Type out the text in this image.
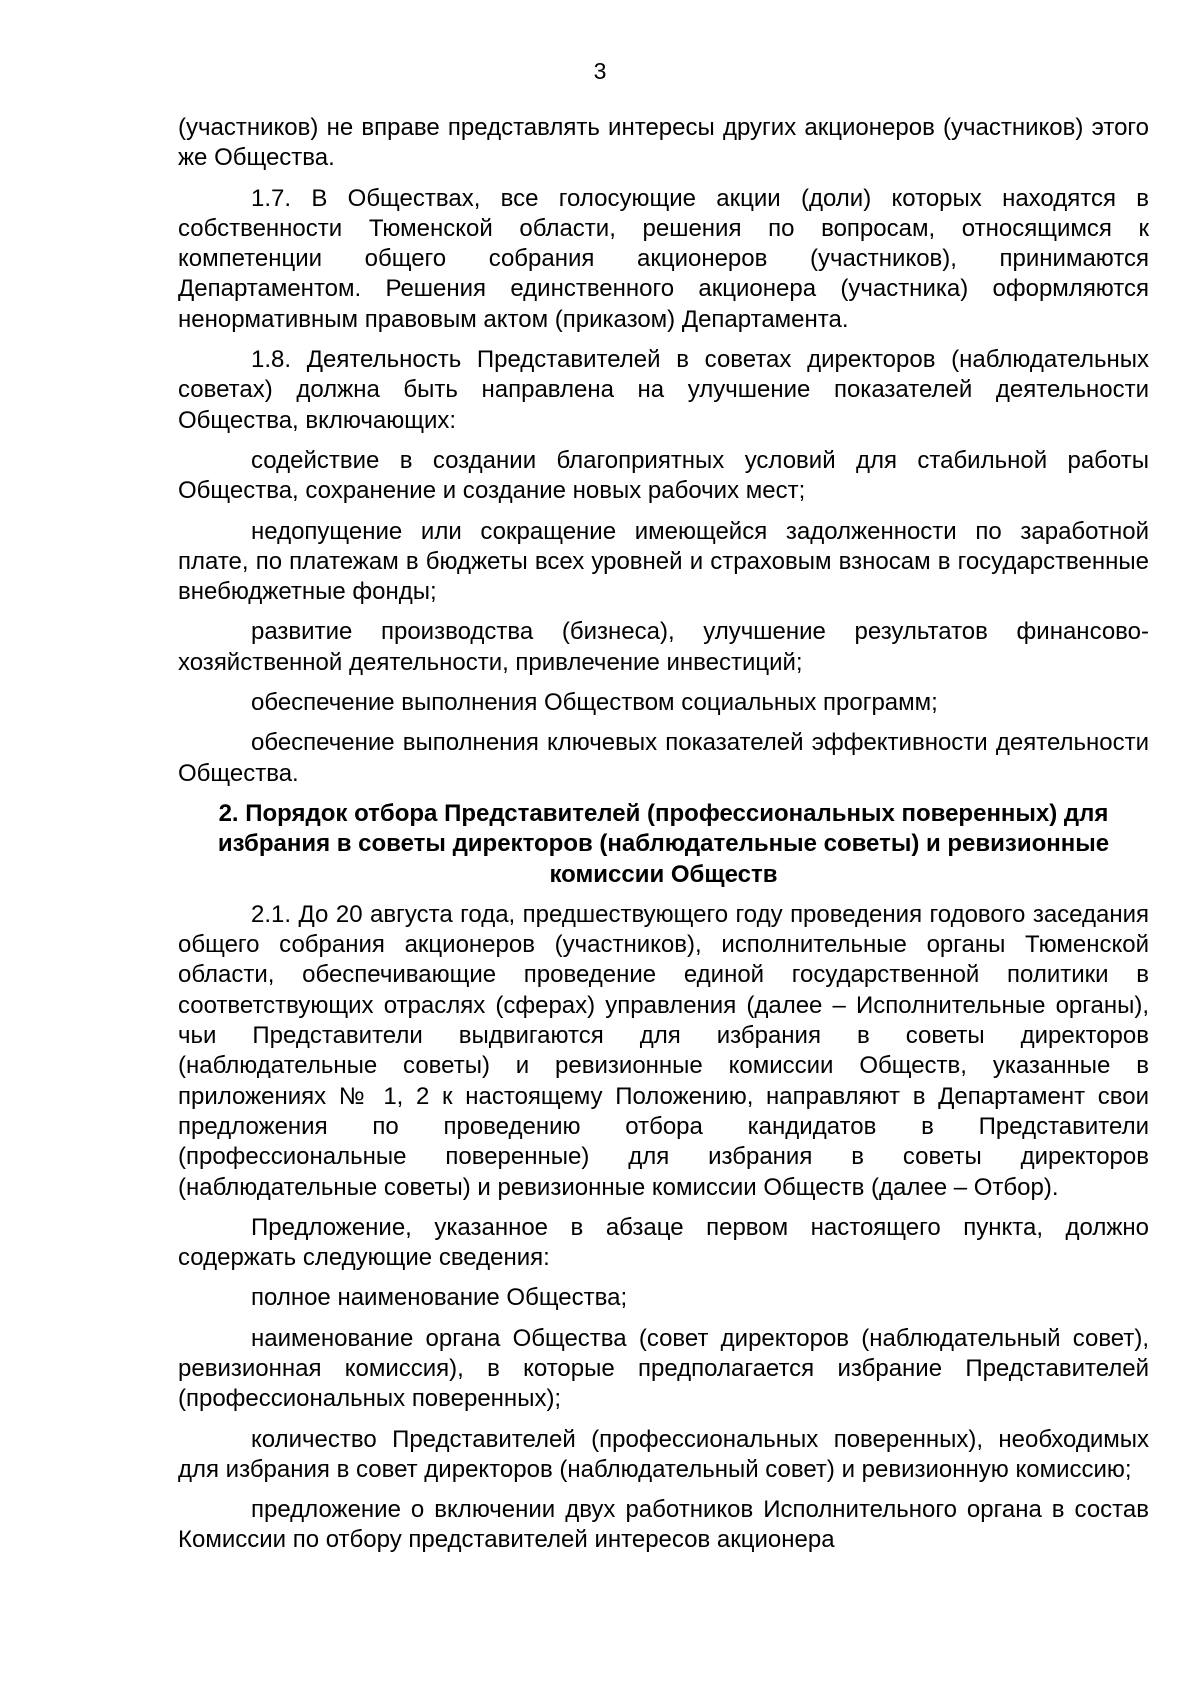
3

(участников) не вправе представлять интересы других акционеров (участников) этого же Общества.

1.7. В Обществах, все голосующие акции (доли) которых находятся в собственности Тюменской области, решения по вопросам, относящимся к компетенции общего собрания акционеров (участников), принимаются Департаментом. Решения единственного акционера (участника) оформляются ненормативным правовым актом (приказом) Департамента.

1.8. Деятельность Представителей в советах директоров (наблюдательных советах) должна быть направлена на улучшение показателей деятельности Общества, включающих:

содействие в создании благоприятных условий для стабильной работы Общества, сохранение и создание новых рабочих мест;

недопущение или сокращение имеющейся задолженности по заработной плате, по платежам в бюджеты всех уровней и страховым взносам в государственные внебюджетные фонды;

развитие производства (бизнеса), улучшение результатов финансово-хозяйственной деятельности, привлечение инвестиций;

обеспечение выполнения Обществом социальных программ;

обеспечение выполнения ключевых показателей эффективности деятельности Общества.

2. Порядок отбора Представителей (профессиональных поверенных) для избрания в советы директоров (наблюдательные советы) и ревизионные комиссии Обществ

2.1. До 20 августа года, предшествующего году проведения годового заседания общего собрания акционеров (участников), исполнительные органы Тюменской области, обеспечивающие проведение единой государственной политики в соответствующих отраслях (сферах) управления (далее – Исполнительные органы), чьи Представители выдвигаются для избрания в советы директоров (наблюдательные советы) и ревизионные комиссии Обществ, указанные в приложениях № 1, 2 к настоящему Положению, направляют в Департамент свои предложения по проведению отбора кандидатов в Представители (профессиональные поверенные) для избрания в советы директоров (наблюдательные советы) и ревизионные комиссии Обществ (далее – Отбор).

Предложение, указанное в абзаце первом настоящего пункта, должно содержать следующие сведения:

полное наименование Общества;

наименование органа Общества (совет директоров (наблюдательный совет), ревизионная комиссия), в которые предполагается избрание Представителей (профессиональных поверенных);

количество Представителей (профессиональных поверенных), необходимых для избрания в совет директоров (наблюдательный совет) и ревизионную комиссию;

предложение о включении двух работников Исполнительного органа в состав Комиссии по отбору представителей интересов акционера
